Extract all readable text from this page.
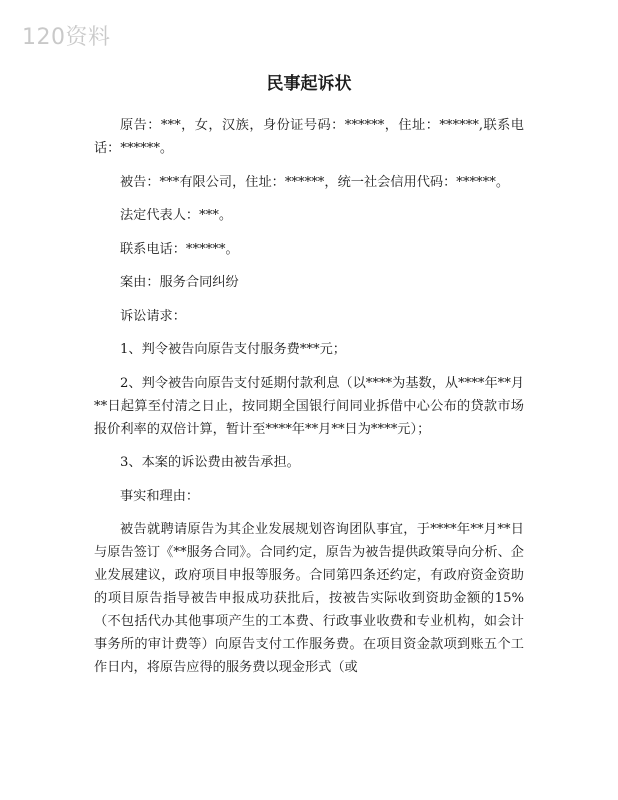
120资料
民事起诉状

原告：***，女，汉族，身份证号码：******，住址：******,联系电话：******。

被告：***有限公司，住址：******，统一社会信用代码：******。

法定代表人：***。

联系电话：******。

案由：服务合同纠纷

诉讼请求：

1、判令被告向原告支付服务费***元；

2、判令被告向原告支付延期付款利息（以****为基数，从****年**月**日起算至付清之日止，按同期全国银行间同业拆借中心公布的贷款市场报价利率的双倍计算，暂计至****年**月**日为****元）；

3、本案的诉讼费由被告承担。

事实和理由：

被告就聘请原告为其企业发展规划咨询团队事宜，于****年**月**日与原告签订《**服务合同》。合同约定，原告为被告提供政策导向分析、企业发展建议，政府项目申报等服务。合同第四条还约定，有政府资金资助的项目原告指导被告申报成功获批后，按被告实际收到资助金额的15%（不包括代办其他事项产生的工本费、行政事业收费和专业机构，如会计事务所的审计费等）向原告支付工作服务费。在项目资金款项到账五个工作日内，将原告应得的服务费以现金形式（或
